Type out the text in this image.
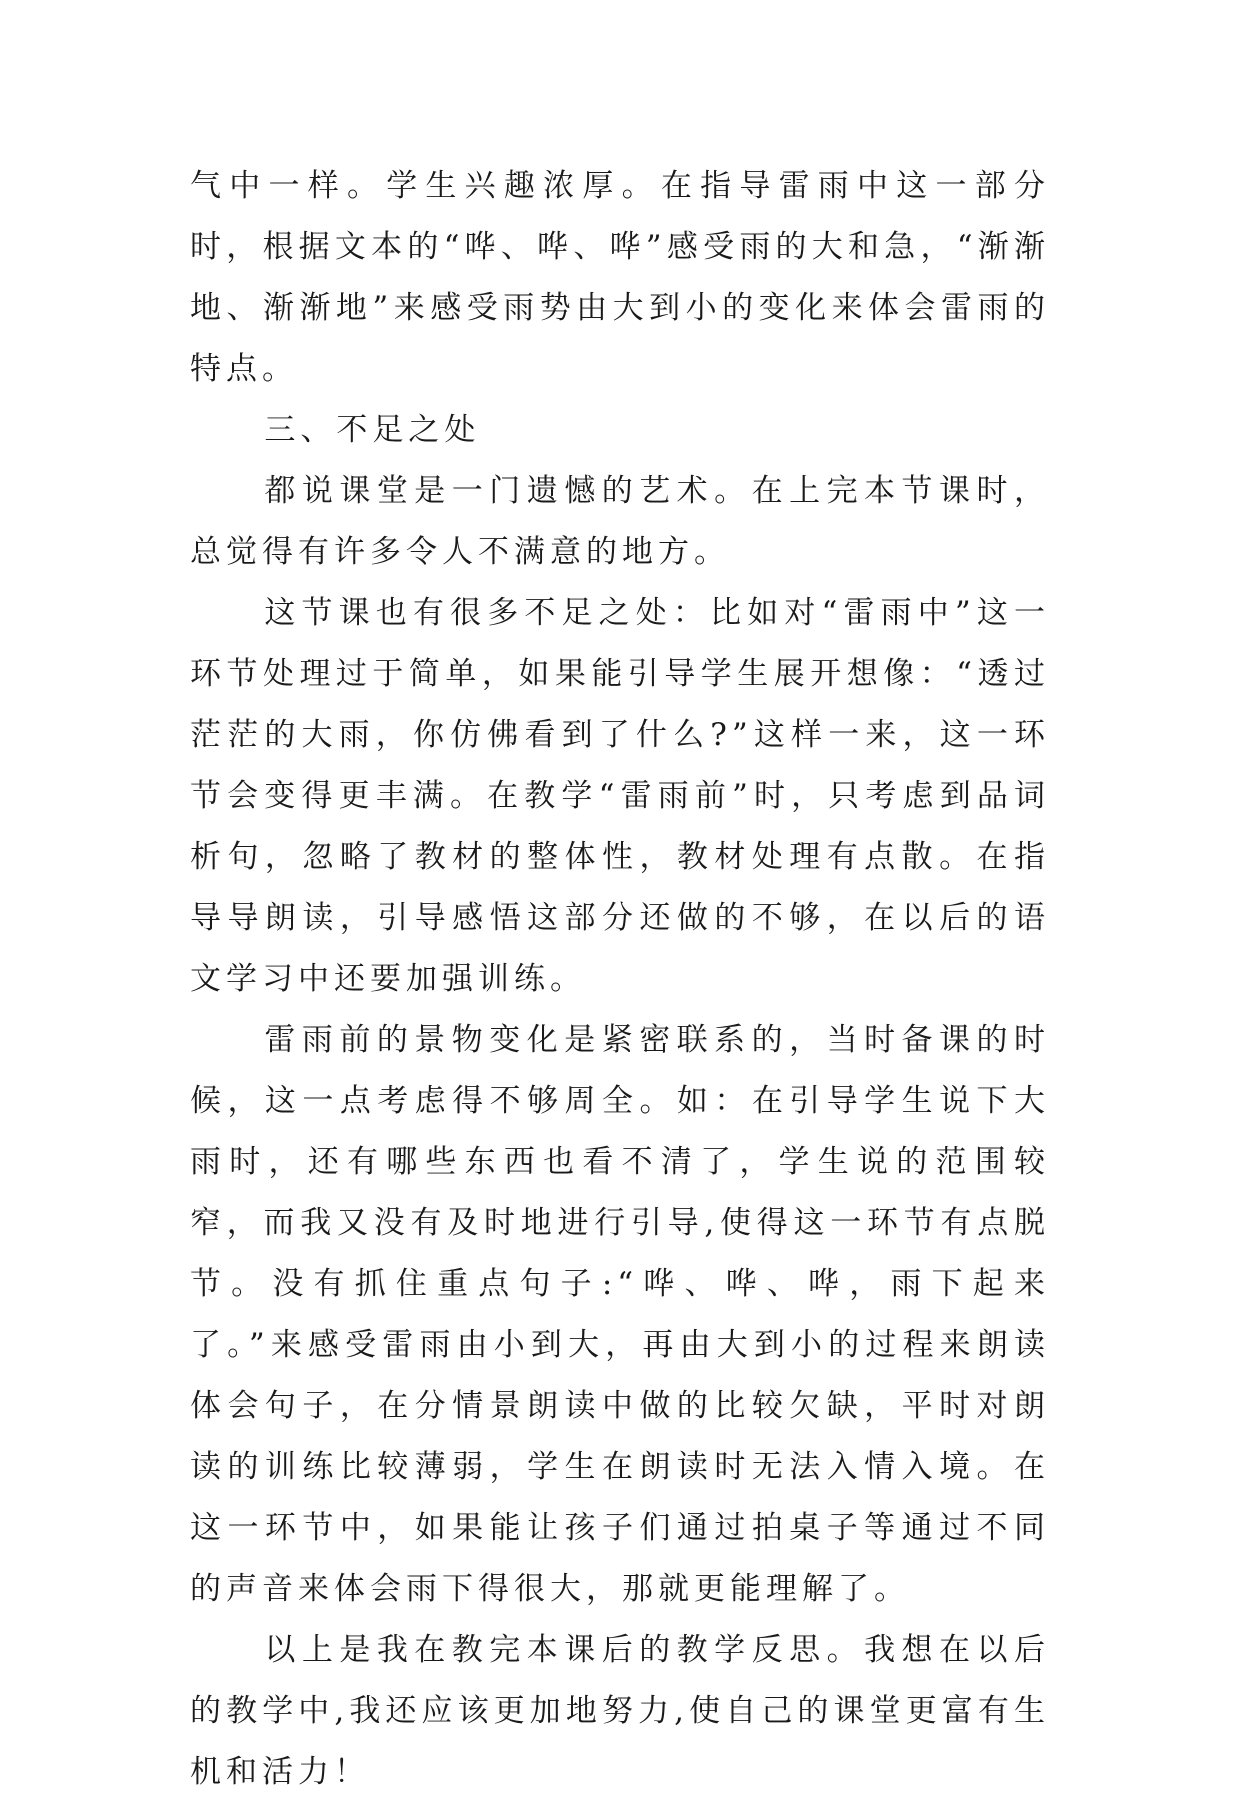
气中一样。学生兴趣浓厚。在指导雷雨中这一部分时，根据文本的“哗、哗、哗”感受雨的大和急，“渐渐地、渐渐地”来感受雨势由大到小的变化来体会雷雨的特点。

三、不足之处

都说课堂是一门遗憾的艺术。在上完本节课时，总觉得有许多令人不满意的地方。

这节课也有很多不足之处：比如对“雷雨中”这一环节处理过于简单，如果能引导学生展开想像：“透过茫茫的大雨，你仿佛看到了什么?”这样一来，这一环节会变得更丰满。在教学“雷雨前”时，只考虑到品词析句，忽略了教材的整体性，教材处理有点散。在指导导朗读，引导感悟这部分还做的不够，在以后的语文学习中还要加强训练。

雷雨前的景物变化是紧密联系的，当时备课的时候，这一点考虑得不够周全。如：在引导学生说下大雨时，还有哪些东西也看不清了，学生说的范围较窄，而我又没有及时地进行引导,使得这一环节有点脱节。没有抓住重点句子:“哗、哗、哗，雨下起来了。”来感受雷雨由小到大，再由大到小的过程来朗读体会句子，在分情景朗读中做的比较欠缺，平时对朗读的训练比较薄弱，学生在朗读时无法入情入境。在这一环节中，如果能让孩子们通过拍桌子等通过不同的声音来体会雨下得很大，那就更能理解了。

以上是我在教完本课后的教学反思。我想在以后的教学中,我还应该更加地努力,使自己的课堂更富有生机和活力！
